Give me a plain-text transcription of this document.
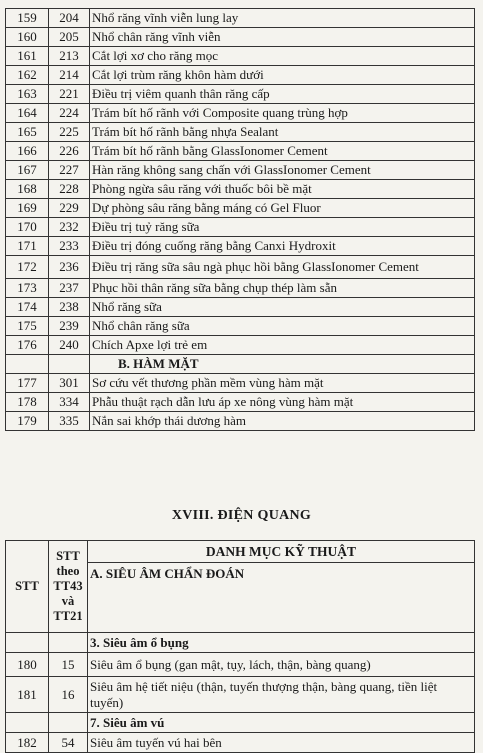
159	204	Nhổ răng vĩnh viễn lung lay
160	205	Nhổ chân răng vĩnh viễn
161	213	Cắt lợi xơ cho răng mọc
162	214	Cắt lợi trùm răng khôn hàm dưới
163	221	Điều trị viêm quanh thân răng cấp
164	224	Trám bít hố rãnh với Composite quang trùng hợp
165	225	Trám bít hố rãnh bằng nhựa Sealant
166	226	Trám bít hố rãnh bằng GlassIonomer Cement
167	227	Hàn răng không sang chấn với GlassIonomer Cement
168	228	Phòng ngừa sâu răng với thuốc bôi bề mặt
169	229	Dự phòng sâu răng bằng máng có Gel Fluor
170	232	Điều trị tuỷ răng sữa
171	233	Điều trị đóng cuống răng bằng Canxi Hydroxit
172	236	Điều trị răng sữa sâu ngà phục hồi bằng GlassIonomer Cement
173	237	Phục hồi thân răng sữa bằng chụp thép làm sẵn
174	238	Nhổ răng sữa
175	239	Nhổ chân răng sữa
176	240	Chích Apxe lợi trẻ em
		B. HÀM MẶT
177	301	Sơ cứu vết thương phần mềm vùng hàm mặt
178	334	Phẫu thuật rạch dẫn lưu áp xe nông vùng hàm mặt
179	335	Nắn sai khớp thái dương hàm
XVIII. ĐIỆN QUANG
STT	STT theo TT43 và TT21	DANH MỤC KỸ THUẬT
		A. SIÊU ÂM CHẨN ĐOÁN
		3. Siêu âm ổ bụng
180	15	Siêu âm ổ bụng (gan mật, tụy, lách, thận, bàng quang)
181	16	Siêu âm hệ tiết niệu (thận, tuyến thượng thận, bàng quang, tiền liệt tuyến)
		7. Siêu âm vú
182	54	Siêu âm tuyến vú hai bên
